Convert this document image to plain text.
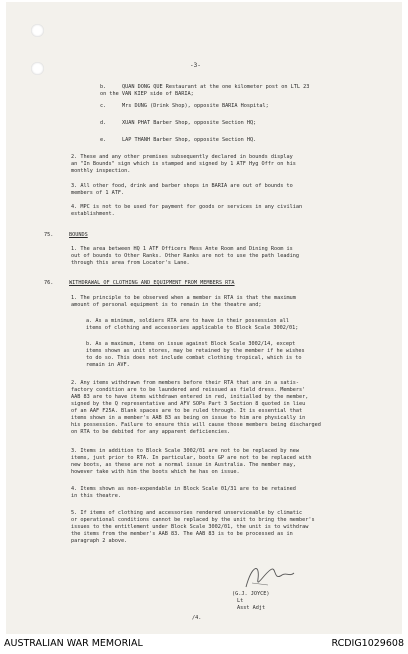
-3-
b.	QUAN DONG QUE Restaurant at the one kilometer post on LTL 23
on the VAN KIEP side of BARIA;
c.	Mrs DUNG (Drink Shop), opposite BARIA Hospital;
d.	XUAN PHAT Barber Shop, opposite Section HQ;
e.	LAP THANH Barber Shop, opposite Section HQ.
2. These and any other premises subsequently declared in bounds display
an "In Bounds" sign which is stamped and signed by 1 ATF Hyg Offr on his
monthly inspection.
3. All other food, drink and barber shops in BARIA are out of bounds to
members of 1 ATF.
4. MPC is not to be used for payment for goods or services in any civilian
establishment.
75.	BOUNDS
1. The area between HQ 1 ATF Officers Mess Ante Room and Dining Room is
out of bounds to Other Ranks. Other Ranks are not to use the path leading
through this area from Locator's Lane.
76.	WITHDRAWAL OF CLOTHING AND EQUIPMENT FROM MEMBERS RTA
1. The principle to be observed when a member is RTA is that the maximum
amount of personal equipment is to remain in the theatre and;
a. As a minimum, soldiers RTA are to have in their possession all
items of clothing and accessories applicable to Block Scale 3002/01;
b. As a maximum, items on issue against Block Scale 3002/14, except
items shown as unit stores, may be retained by the member if he wishes
to do so. This does not include combat clothing tropical, which is to
remain in AVF.
2. Any items withdrawn from members before their RTA that are in a satis-
factory condition are to be laundered and reissued as field dress. Members'
AAB 83 are to have items withdrawn entered in red, initialled by the member,
signed by the Q representative and AFV SOPs Part 3 Section 8 quoted in lieu
of an AAF F25A. Blank spaces are to be ruled through. It is essential that
items shown in a member's AAB 83 as being on issue to him are physically in
his possession. Failure to ensure this will cause those members being discharged
on RTA to be debited for any apparent deficiencies.
3. Items in addition to Block Scale 3002/01 are not to be replaced by new
items, just prior to RTA. In particular, boots GP are not to be replaced with
new boots, as these are not a normal issue in Australia. The member may,
however take with him the boots which he has on issue.
4. Items shown as non-expendable in Block Scale 01/31 are to be retained
in this theatre.
5. If items of clothing and accessories rendered unserviceable by climatic
or operational conditions cannot be replaced by the unit to bring the member's
issues to the entitlement under Block Scale 3002/01, the unit is to withdraw
the items from the member's AAB 83. The AAB 83 is to be processed as in
paragraph 2 above.
(G.J. JOYCE)
Lt
Asst Adjt
/4.
AUSTRALIAN WAR MEMORIAL	RCDIG1029608
